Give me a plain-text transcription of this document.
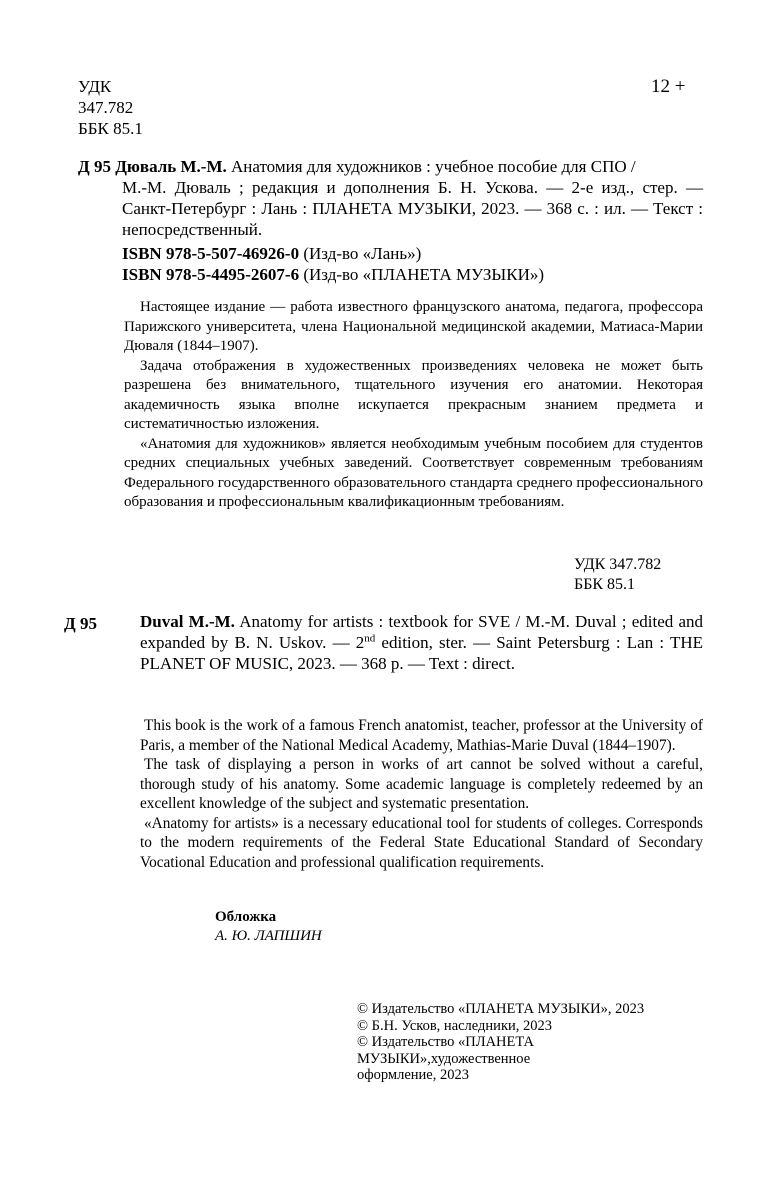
УДК
347.782
ББК 85.1
12 +

Д 95 Дюваль М.-М. Анатомия для художников : учебное пособие для СПО /

М.-М. Дюваль ; редакция и дополнения Б. Н. Ускова. — 2-е изд., стер. — Санкт-Петербург : Лань : ПЛАНЕТА МУЗЫКИ, 2023. — 368 с. : ил. — Текст : непосредственный.

ISBN 978-5-507-46926-0 (Изд-во «Лань»)
ISBN 978-5-4495-2607-6 (Изд-во «ПЛАНЕТА МУЗЫКИ»)

Настоящее издание — работа известного французского анатома, педагога, профессора Парижского университета, члена Национальной медицинской академии, Матиаса-Марии Дюваля (1844–1907).

Задача отображения в художественных произведениях человека не может быть разрешена без внимательного, тщательного изучения его анатомии. Некоторая академичность языка вполне искупается прекрасным знанием предмета и систематичностью изложения.

«Анатомия для художников» является необходимым учебным пособием для студентов средних специальных учебных заведений. Соответствует современным требованиям Федерального государственного образовательного стандарта среднего профессионального образования и профессиональным квалификационным требованиям.

УДК 347.782
ББК 85.1
Д 95	Duval M.-M. Anatomy for artists : textbook for SVE / M.-M. Duval ; edited and expanded by B. N. Uskov. — 2nd edition, ster. — Saint Petersburg : Lan : THE PLANET OF MUSIC, 2023. — 368 p. — Text : direct.

This book is the work of a famous French anatomist, teacher, professor at the University of Paris, a member of the National Medical Academy, Mathias-Marie Duval (1844–1907).

The task of displaying a person in works of art cannot be solved without a careful, thorough study of his anatomy. Some academic language is completely redeemed by an excellent knowledge of the subject and systematic presentation.

«Anatomy for artists» is a necessary educational tool for students of colleges. Corresponds to the modern requirements of the Federal State Educational Standard of Secondary Vocational Education and professional qualification requirements.

Обложка
А. Ю. ЛАПШИН
© Издательство «ПЛАНЕТА МУЗЫКИ», 2023
© Б.Н. Усков, наследники, 2023
© Издательство «ПЛАНЕТА МУЗЫКИ»,художественное оформление, 2023
